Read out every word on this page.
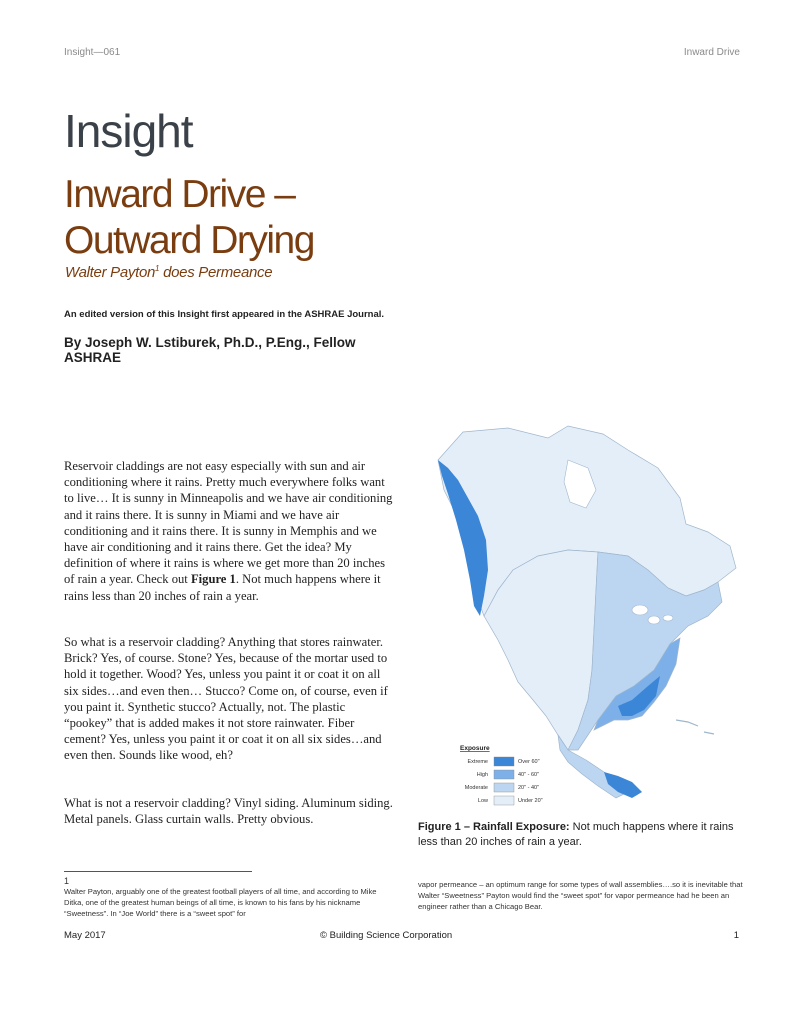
Insight—061	Inward Drive
Insight
Inward Drive –
Outward Drying
Walter Payton$^1$ does Permeance
An edited version of this Insight first appeared in the ASHRAE Journal.
By Joseph W. Lstiburek, Ph.D., P.Eng., Fellow ASHRAE
Reservoir claddings are not easy especially with sun and air conditioning where it rains. Pretty much everywhere folks want to live… It is sunny in Minneapolis and we have air conditioning and it rains there. It is sunny in Miami and we have air conditioning and it rains there. It is sunny in Memphis and we have air conditioning and it rains there. Get the idea? My definition of where it rains is where we get more than 20 inches of rain a year. Check out Figure 1. Not much happens where it rains less than 20 inches of rain a year.
So what is a reservoir cladding? Anything that stores rainwater. Brick? Yes, of course. Stone? Yes, because of the mortar used to hold it together. Wood? Yes, unless you paint it or coat it on all six sides…and even then… Stucco? Come on, of course, even if you paint it. Synthetic stucco? Actually, not. The plastic “pookey” that is added makes it not store rainwater. Fiber cement? Yes, unless you paint it or coat it on all six sides…and even then. Sounds like wood, eh?
What is not a reservoir cladding? Vinyl siding. Aluminum siding. Metal panels. Glass curtain walls. Pretty obvious.
Exposure
Extreme	Over 60"
High	40" - 60"
Moderate	20" - 40"
Low	Under 20"
Figure 1 – Rainfall Exposure: Not much happens where it rains less than 20 inches of rain a year.
1
Walter Payton, arguably one of the greatest football players of all time, and according to Mike Ditka, one of the greatest human beings of all time, is known to his fans by his nickname “Sweetness”. In “Joe World” there is a “sweet spot” for
vapor permeance – an optimum range for some types of wall assemblies….so it is inevitable that Walter “Sweetness” Payton would find the “sweet spot” for vapor permeance had he been an engineer rather than a Chicago Bear.
May 2017	© Building Science Corporation	1
